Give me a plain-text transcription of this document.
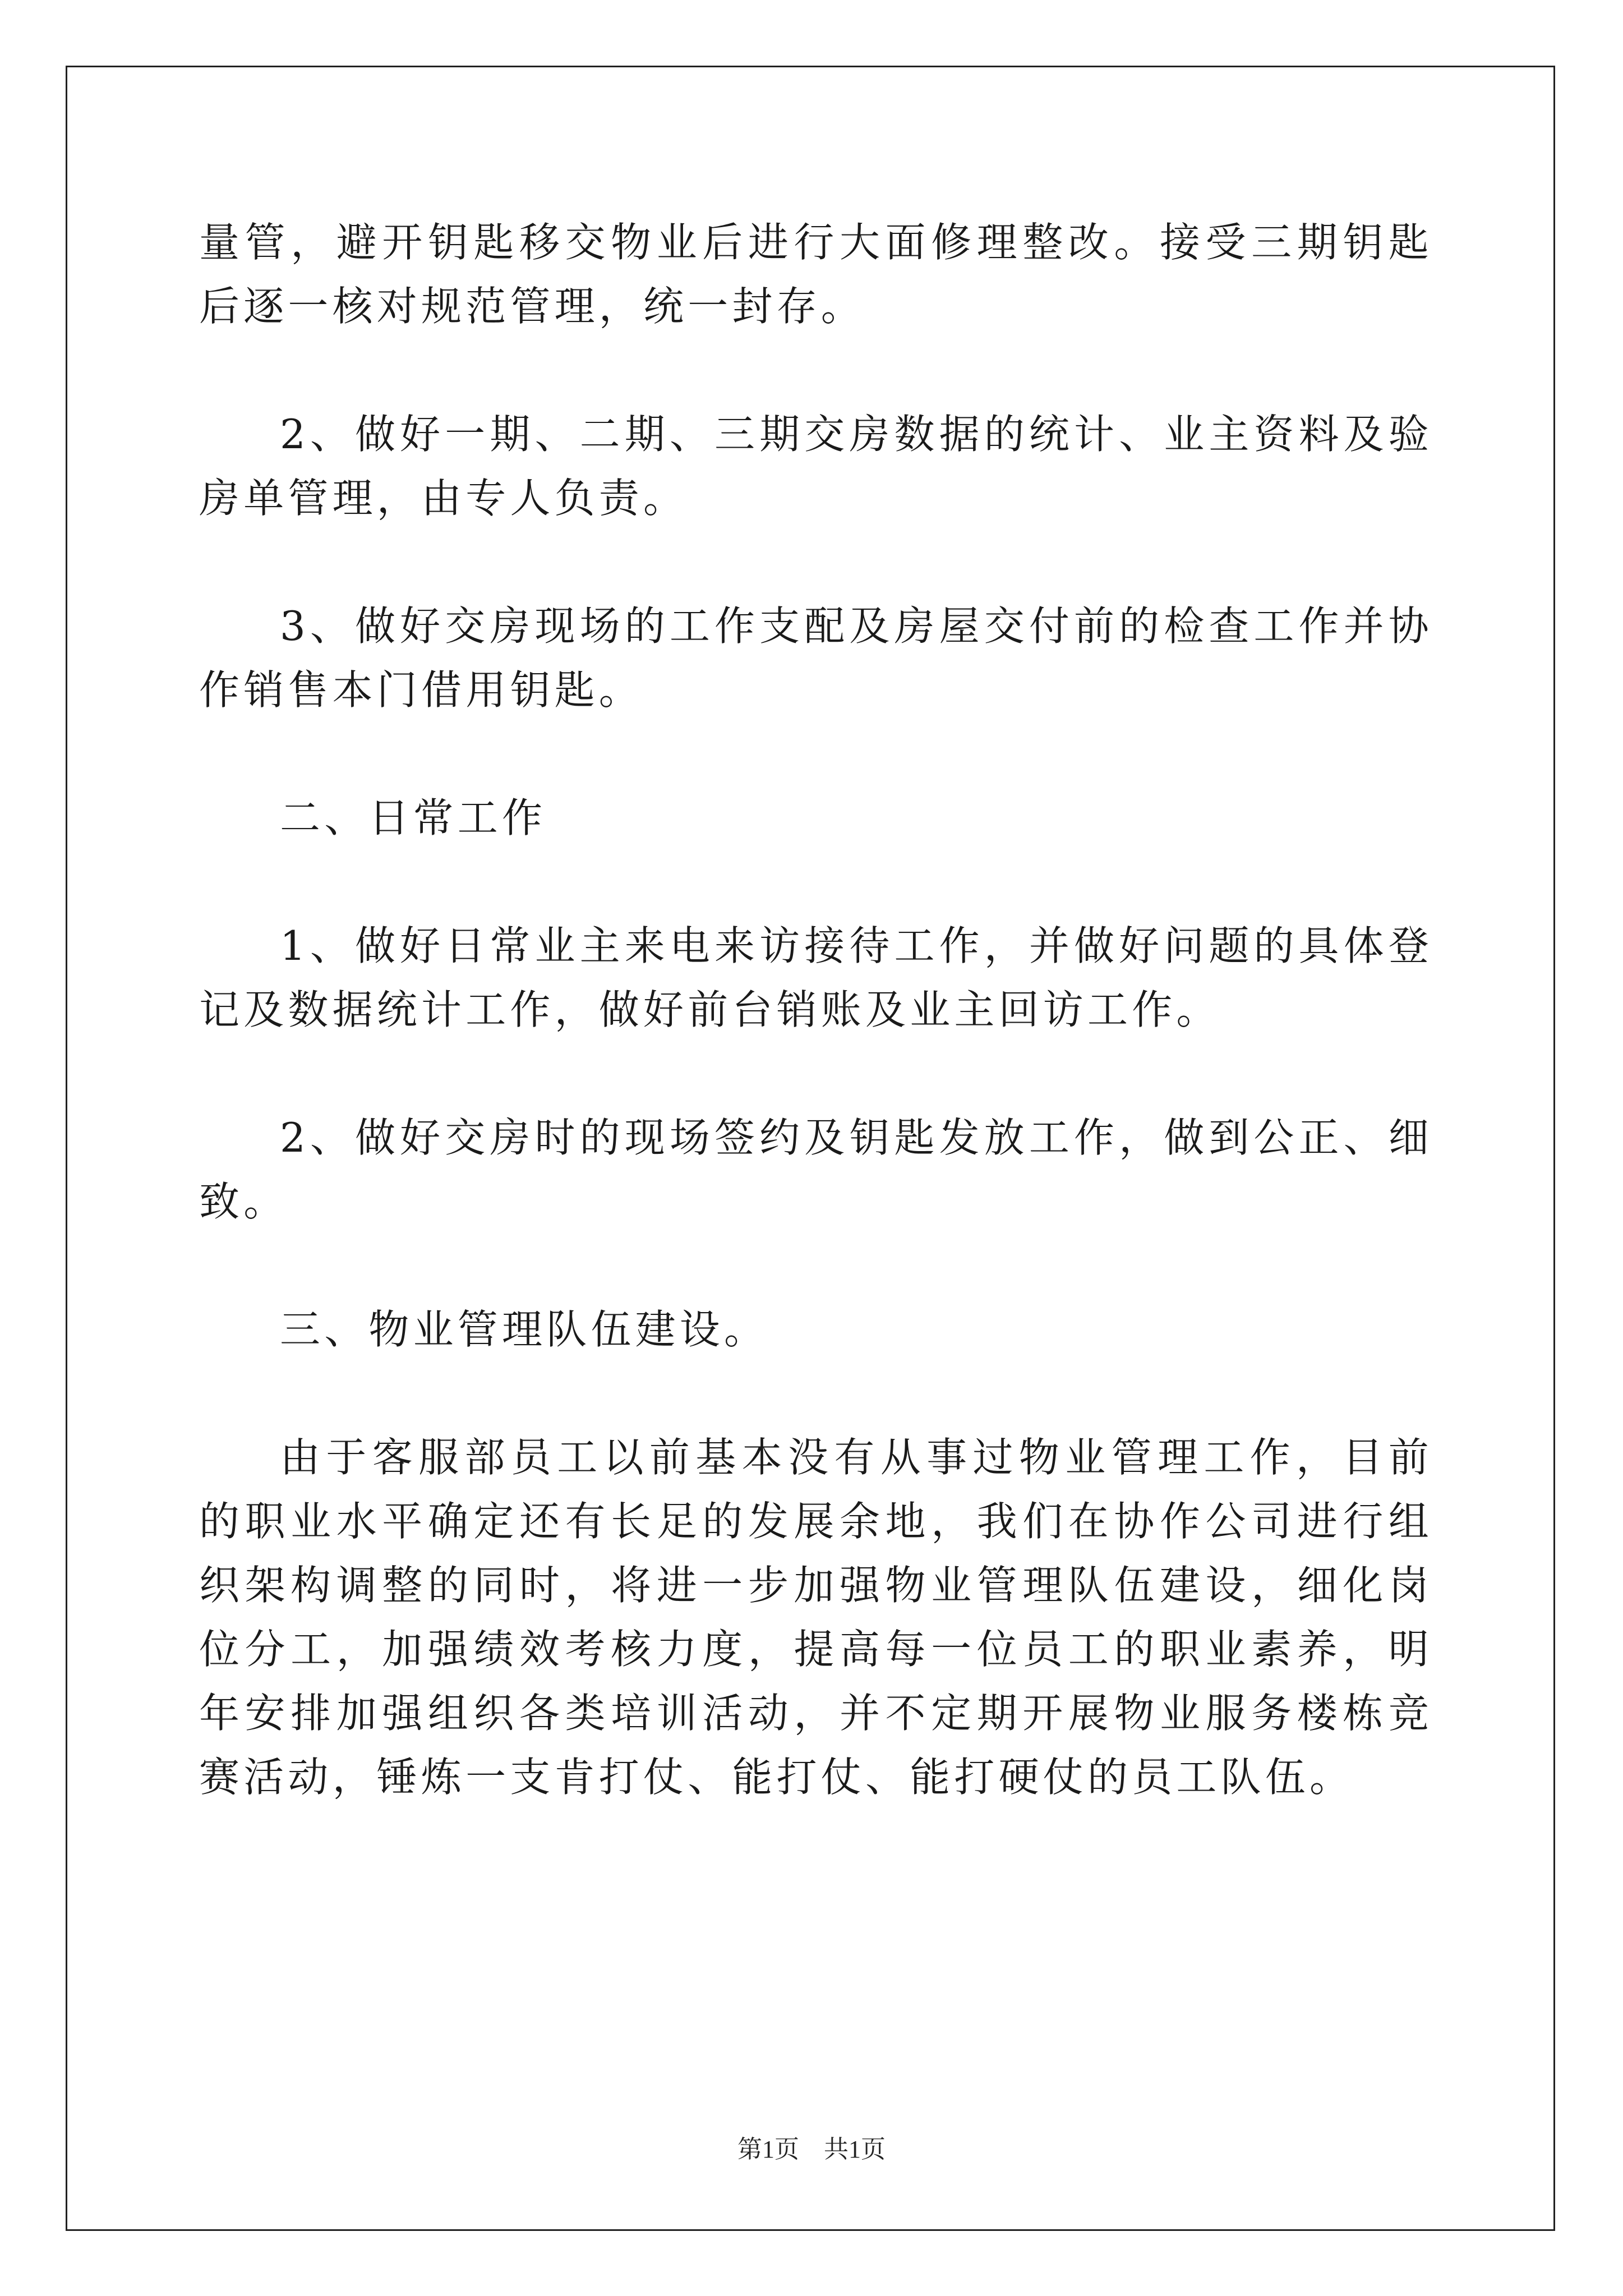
量管，避开钥匙移交物业后进行大面修理整改。接受三期钥匙后逐一核对规范管理，统一封存。

2、做好一期、二期、三期交房数据的统计、业主资料及验房单管理，由专人负责。

3、做好交房现场的工作支配及房屋交付前的检查工作并协作销售本门借用钥匙。

二、日常工作

1、做好日常业主来电来访接待工作，并做好问题的具体登记及数据统计工作，做好前台销账及业主回访工作。

2、做好交房时的现场签约及钥匙发放工作，做到公正、细致。

三、物业管理队伍建设。

由于客服部员工以前基本没有从事过物业管理工作，目前的职业水平确定还有长足的发展余地，我们在协作公司进行组织架构调整的同时，将进一步加强物业管理队伍建设，细化岗位分工，加强绩效考核力度，提高每一位员工的职业素养，明年安排加强组织各类培训活动，并不定期开展物业服务楼栋竞赛活动，锤炼一支肯打仗、能打仗、能打硬仗的员工队伍。

第1页　共1页
